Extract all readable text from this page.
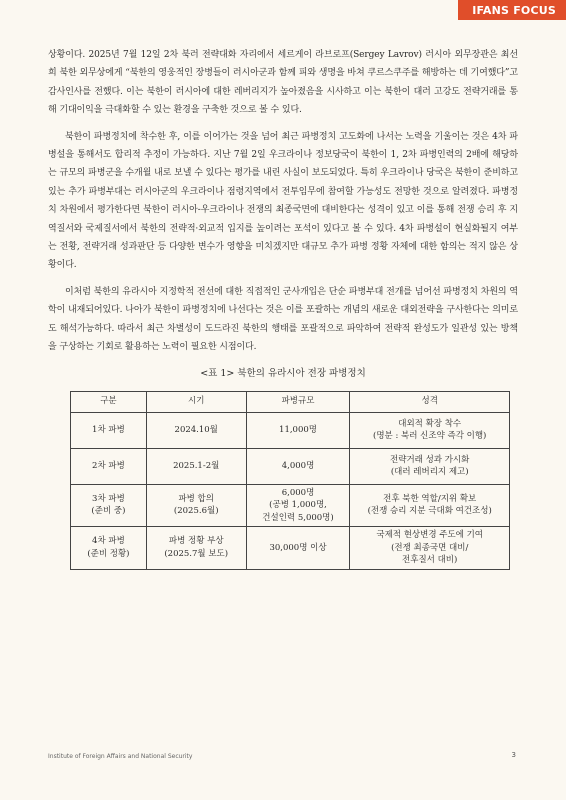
IFANS FOCUS

상황이다. 2025년 7월 12일 2차 북러 전략대화 자리에서 세르게이 라브로프(Sergey Lavrov) 러시아 외무장관은 최선희 북한 외무상에게 “북한의 영웅적인 장병들이 러시아군과 함께 피와 생명을 바쳐 쿠르스쿠주를 해방하는 데 기여했다”고 감사인사를 전했다. 이는 북한이 러시아에 대한 레버리지가 높아졌음을 시사하고 이는 북한이 대러 고강도 전략거래를 통해 기대이익을 극대화할 수 있는 환경을 구축한 것으로 볼 수 있다.

북한이 파병정치에 착수한 후, 이를 이어가는 것을 넘어 최근 파병정치 고도화에 나서는 노력을 기울이는 것은 4차 파병설을 통해서도 합리적 추정이 가능하다. 지난 7월 2일 우크라이나 정보당국이 북한이 1, 2차 파병인력의 2배에 해당하는 규모의 파병군을 수개월 내로 보낼 수 있다는 평가를 내린 사실이 보도되었다. 특히 우크라이나 당국은 북한이 준비하고 있는 추가 파병부대는 러시아군의 우크라이나 점령지역에서 전투임무에 참여할 가능성도 전망한 것으로 알려졌다. 파병정치 차원에서 평가한다면 북한이 러시아-우크라이나 전쟁의 최종국면에 대비한다는 성격이 있고 이를 통해 전쟁 승리 후 지역질서와 국제질서에서 북한의 전략적·외교적 입지를 높이려는 포석이 있다고 볼 수 있다. 4차 파병설이 현실화될지 여부는 전황, 전략거래 성과판단 등 다양한 변수가 영향을 미치겠지만 대규모 추가 파병 정황 자체에 대한 함의는 적지 않은 상황이다.

이처럼 북한의 유라시아 지정학적 전선에 대한 직접적인 군사개입은 단순 파병부대 전개를 넘어선 파병정치 차원의 역학이 내재되어있다. 나아가 북한이 파병정치에 나선다는 것은 이를 포괄하는 개념의 새로운 대외전략을 구사한다는 의미로도 해석가능하다. 따라서 최근 차별성이 도드라진 북한의 행태를 포괄적으로 파악하여 전략적 완성도가 일관성 있는 방책을 구상하는 기회로 활용하는 노력이 필요한 시점이다.

<표 1> 북한의 유라시아 전장 파병정치
구분	시기	파병규모	성격

1차 파병	2024.10월	11,000명	대외적 확장 착수
(명분 : 북러 신조약 즉각 이행)

2차 파병	2025.1-2월	4,000명	전략거래 성과 가시화
(대러 레버리지 제고)

3차 파병
(준비 중)	파병 합의
(2025.6월)	6,000명
(공병 1,000명,
건설인력 5,000명)	전후 북한 역할/지위 확보
(전쟁 승리 지분 극대화 여건조성)

4차 파병
(준비 정황)	파병 정황 부상
(2025.7월 보도)	30,000명 이상	국제적 현상변경 주도에 기여
(전쟁 최종국면 대비/
전후질서 대비)
Institute of Foreign Affairs and National Security	3
